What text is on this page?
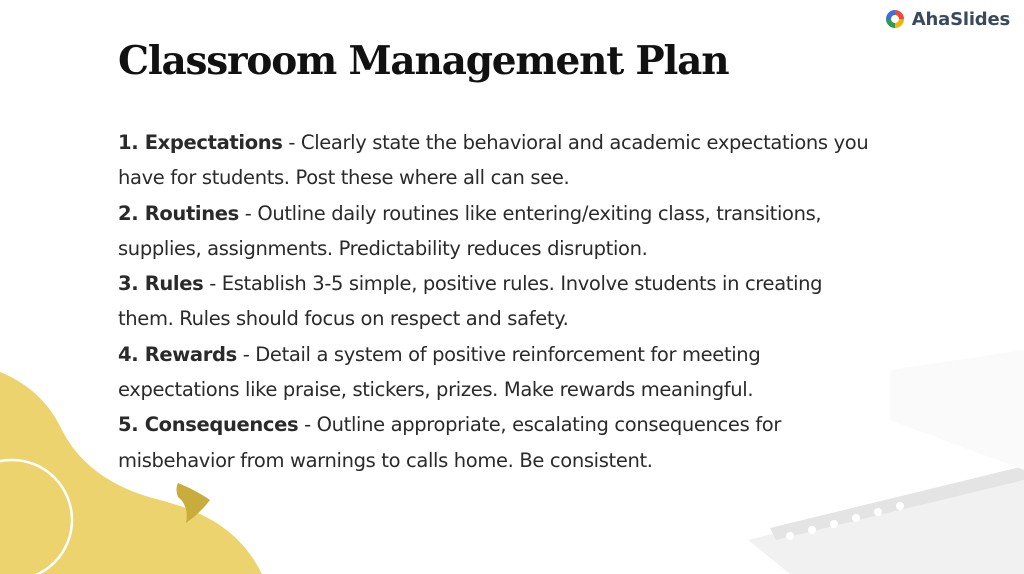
AhaSlides
Classroom Management Plan

1. Expectations - Clearly state the behavioral and academic expectations you have for students. Post these where all can see.

2. Routines - Outline daily routines like entering/exiting class, transitions, supplies, assignments. Predictability reduces disruption.

3. Rules - Establish 3-5 simple, positive rules. Involve students in creating them. Rules should focus on respect and safety.

4. Rewards - Detail a system of positive reinforcement for meeting expectations like praise, stickers, prizes. Make rewards meaningful.

5. Consequences - Outline appropriate, escalating consequences for misbehavior from warnings to calls home. Be consistent.
